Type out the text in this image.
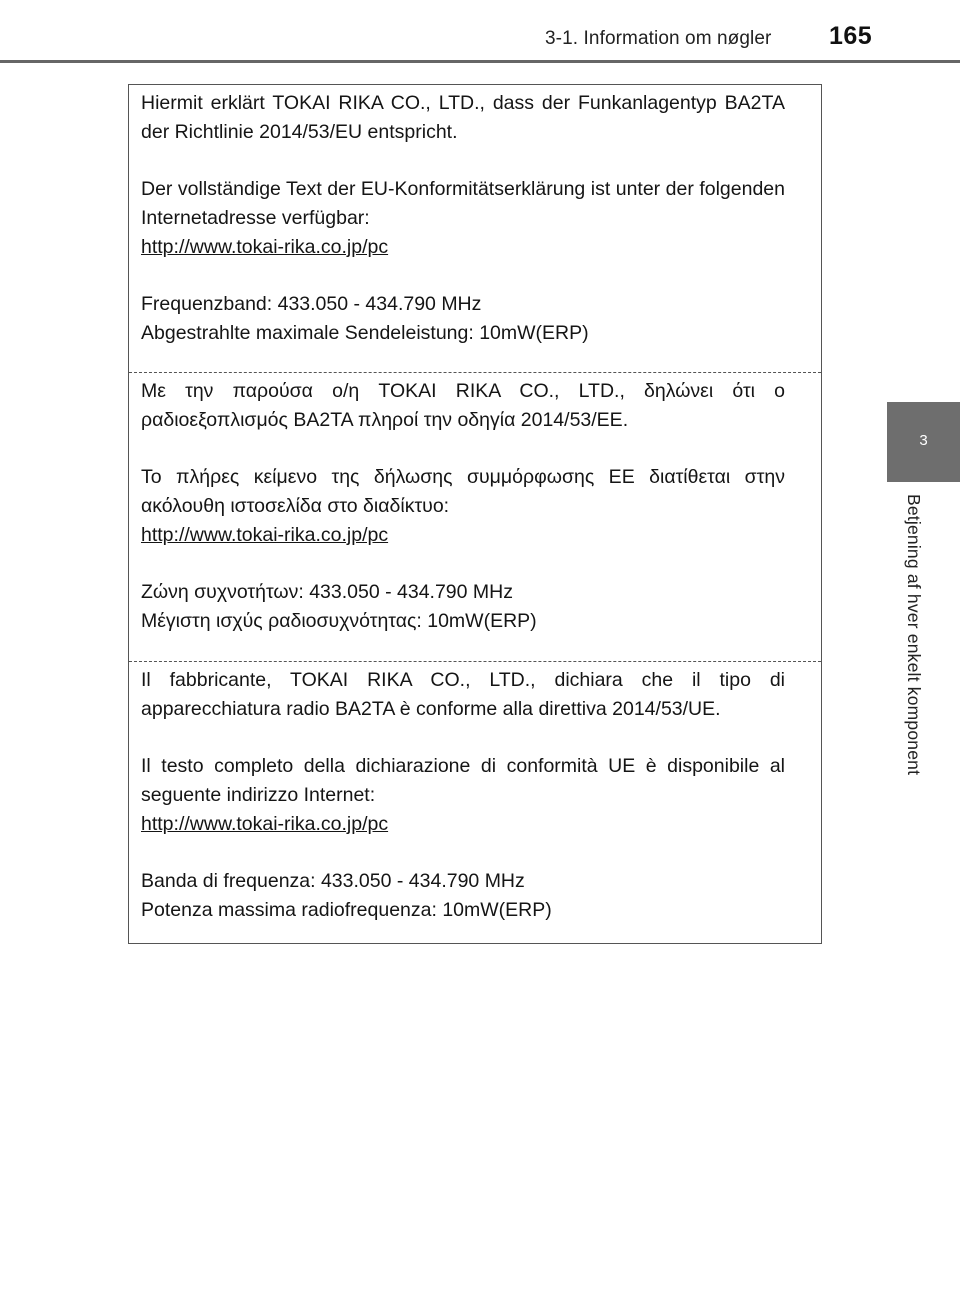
3-1. Information om nøgler 165
3
Betjening af hver enkelt komponent

Hiermit erklärt TOKAI RIKA CO., LTD., dass der Funkanlagentyp BA2TA der Richtlinie 2014/53/EU entspricht.

Der vollständige Text der EU-Konformitätserklärung ist unter der folgenden Internetadresse verfügbar:

http://www.tokai-rika.co.jp/pc

Frequenzband: 433.050 - 434.790 MHz

Abgestrahlte maximale Sendeleistung: 10mW(ERP)

Με την παρούσα ο/η TOKAI RIKA CO., LTD., δηλώνει ότι ο ραδιοεξοπλισμός BA2TA πληροί την οδηγία 2014/53/ΕΕ.

Το πλήρες κείμενο της δήλωσης συμμόρφωσης ΕΕ διατίθεται στην ακόλουθη ιστοσελίδα στο διαδίκτυο:

http://www.tokai-rika.co.jp/pc

Ζώνη συχνοτήτων: 433.050 - 434.790 MHz

Μέγιστη ισχύς ραδιοσυχνότητας: 10mW(ERP)

Il fabbricante, TOKAI RIKA CO., LTD., dichiara che il tipo di apparecchiatura radio BA2TA è conforme alla direttiva 2014/53/UE.

Il testo completo della dichiarazione di conformità UE è disponibile al seguente indirizzo Internet:

http://www.tokai-rika.co.jp/pc

Banda di frequenza: 433.050 - 434.790 MHz

Potenza massima radiofrequenza: 10mW(ERP)
